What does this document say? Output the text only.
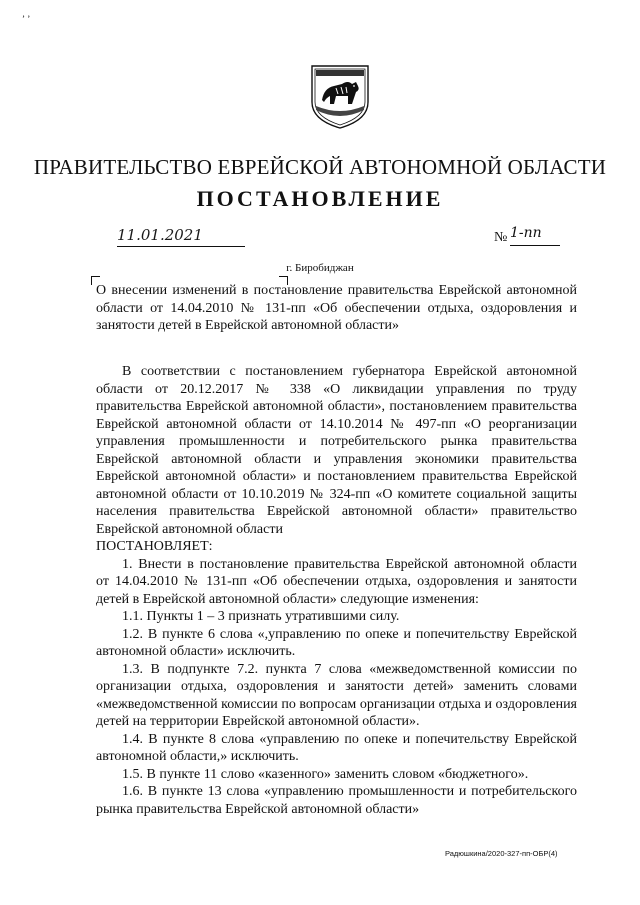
ʼ ʼ
ПРАВИТЕЛЬСТВО ЕВРЕЙСКОЙ АВТОНОМНОЙ ОБЛАСТИ
ПОСТАНОВЛЕНИЕ
11.01.2021	№ 1-пп
г. Биробиджан
О внесении изменений в постановление правительства Еврейской автономной области от 14.04.2010 № 131-пп «Об обеспечении отдыха, оздоровления и занятости детей в Еврейской автономной области»

В соответствии с постановлением губернатора Еврейской автономной области от 20.12.2017 № 338 «О ликвидации управления по труду правительства Еврейской автономной области», постановлением правительства Еврейской автономной области от 14.10.2014 № 497-пп «О реорганизации управления промышленности и потребительского рынка правительства Еврейской автономной области и управления экономики правительства Еврейской автономной области» и постановлением правительства Еврейской автономной области от 10.10.2019 № 324-пп «О комитете социальной защиты населения правительства Еврейской автономной области» правительство Еврейской автономной области

ПОСТАНОВЛЯЕТ:

1. Внести в постановление правительства Еврейской автономной области от 14.04.2010 № 131-пп «Об обеспечении отдыха, оздоровления и занятости детей в Еврейской автономной области» следующие изменения:

1.1. Пункты 1 – 3 признать утратившими силу.

1.2. В пункте 6 слова «,управлению по опеке и попечительству Еврейской автономной области» исключить.

1.3. В подпункте 7.2. пункта 7 слова «межведомственной комиссии по организации отдыха, оздоровления и занятости детей» заменить словами «межведомственной комиссии по вопросам организации отдыха и оздоровления детей на территории Еврейской автономной области».

1.4. В пункте 8 слова «управлению по опеке и попечительству Еврейской автономной области,» исключить.

1.5. В пункте 11 слово «казенного» заменить словом «бюджетного».

1.6. В пункте 13 слова «управлению промышленности и потребительского рынка правительства Еврейской автономной области»

Радюшкина/2020-327-пп-ОБР(4)
